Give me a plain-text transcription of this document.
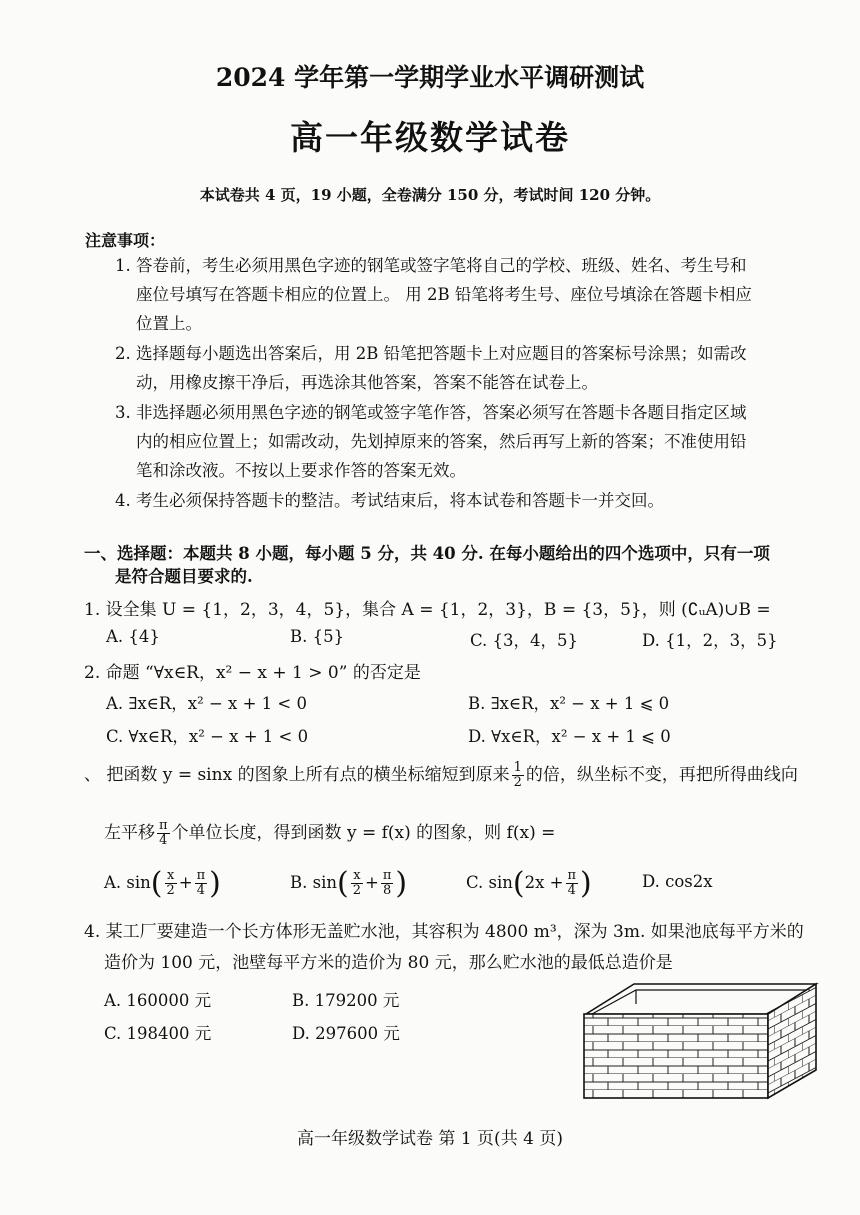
2024 学年第一学期学业水平调研测试
高一年级数学试卷
本试卷共 4 页，19 小题，全卷满分 150 分，考试时间 120 分钟。
注意事项：
1. 答卷前，考生必须用黑色字迹的钢笔或签字笔将自己的学校、班级、姓名、考生号和
座位号填写在答题卡相应的位置上。 用 2B 铅笔将考生号、座位号填涂在答题卡相应
位置上。
2. 选择题每小题选出答案后，用 2B 铅笔把答题卡上对应题目的答案标号涂黑；如需改
动，用橡皮擦干净后，再选涂其他答案，答案不能答在试卷上。
3. 非选择题必须用黑色字迹的钢笔或签字笔作答，答案必须写在答题卡各题目指定区域
内的相应位置上；如需改动，先划掉原来的答案，然后再写上新的答案；不准使用铅
笔和涂改液。不按以上要求作答的答案无效。
4. 考生必须保持答题卡的整洁。考试结束后，将本试卷和答题卡一并交回。
一、选择题：本题共 8 小题，每小题 5 分，共 40 分. 在每小题给出的四个选项中，只有一项
是符合题目要求的.
1. 设全集 U = {1，2，3，4，5}，集合 A = {1，2，3}，B = {3，5}，则 (∁ᵤA)∪B =
A. {4}	B. {5}	C. {3，4，5}	D. {1，2，3，5}
2. 命题 “∀x∈R，x² − x + 1 > 0” 的否定是
A. ∃x∈R，x² − x + 1 < 0	B. ∃x∈R，x² − x + 1 ⩽ 0
C. ∀x∈R，x² − x + 1 < 0	D. ∀x∈R，x² − x + 1 ⩽ 0
、 把函数 y = sinx 的图象上所有点的横坐标缩短到原来 $\frac{1}{2}$ 的倍，纵坐标不变，再把所得曲线向
左平移 $\frac{\pi}{4}$ 个单位长度，得到函数 y = f(x) 的图象，则 f(x) =
A. $\sin( \frac{x}{2} + \frac{\pi}{4}$ )	B. $\sin( \frac{x}{2} + \frac{\pi}{8}$ )	C. $\sin(2x + \frac{\pi}{4}$ )	D. cos2x
4. 某工厂要建造一个长方体形无盖贮水池，其容积为 4800 m³，深为 3m. 如果池底每平方米的
造价为 100 元，池壁每平方米的造价为 80 元，那么贮水池的最低总造价是
A. 160000 元	B. 179200 元
C. 198400 元	D. 297600 元
高一年级数学试卷 第 1 页(共 4 页)
